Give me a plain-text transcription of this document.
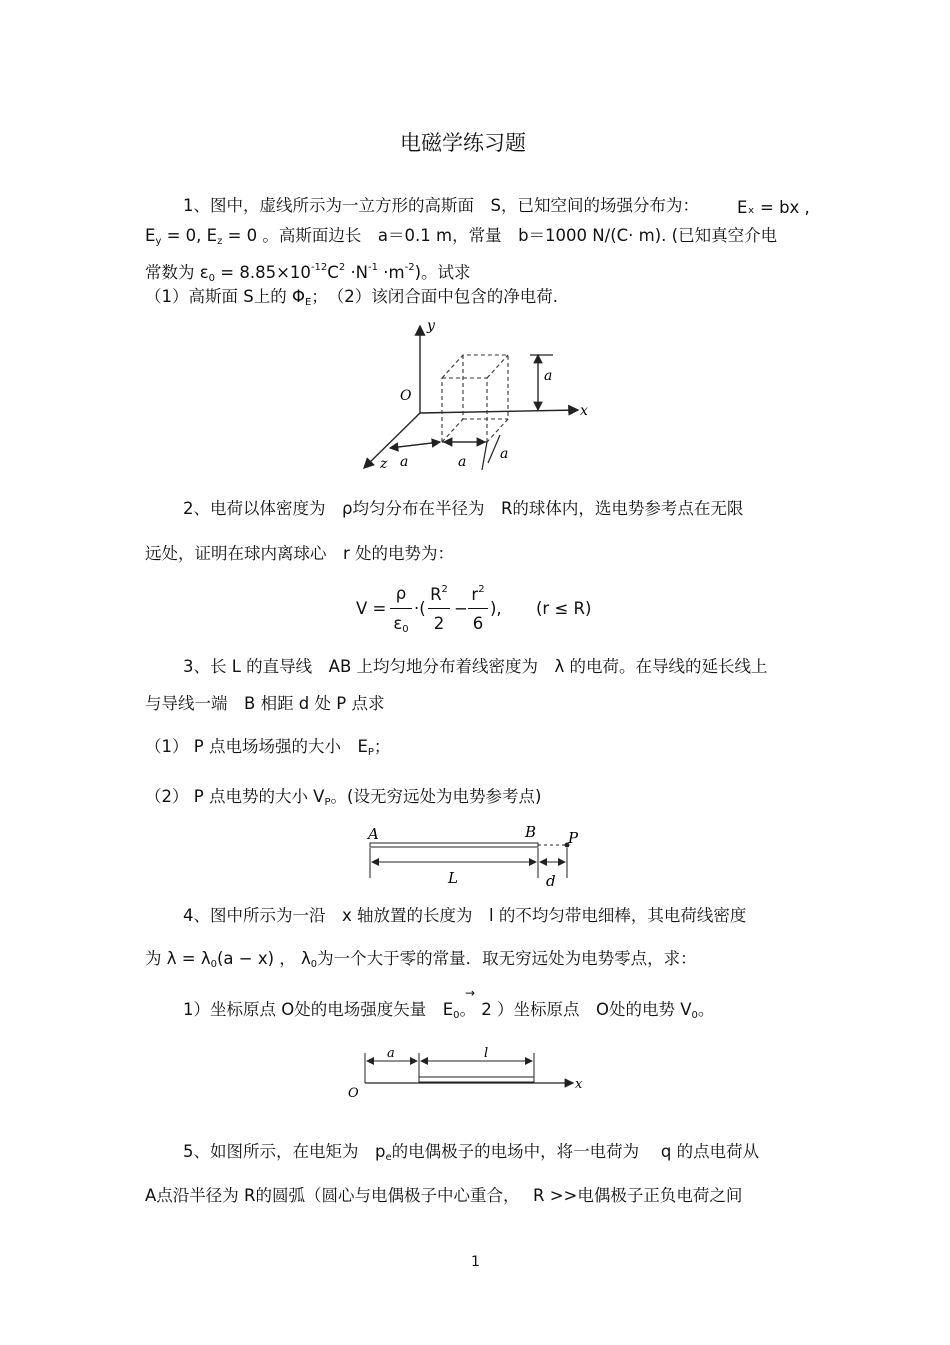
电磁学练习题
1、图中，虚线所示为一立方形的高斯面　S，已知空间的场强分布为： Eₓ = bx ,
$E_y = 0$, $E_z = 0$ 。高斯面边长　a＝0.1 m，常量　b＝1000 N/(C· m). (已知真空介电
常数为 $\varepsilon_0 = 8.85\times 10^{-12}C^2 \cdot N^{-1} \cdot m^{-2}$)。试求
（1）高斯面 S上的 $\Phi_E$；　（2）该闭合面中包含的净电荷.
y
x
z
O
a
a	a a
2、电荷以体密度为　ρ均匀分布在半径为　R的球体内，选电势参考点在无限
远处，证明在球内离球心　r 处的电势为：
V =
ρ
$\varepsilon_0$
·(
$R^2$
2
−
$r^2$
6
), (r ≤ R)
3、长 L 的直导线　AB 上均匀地分布着线密度为　λ 的电荷。在导线的延长线上
与导线一端　B 相距 d 处 P 点求
（1） P 点电场场强的大小　$E_P$；
（2） P 点电势的大小 $V_P$。(设无穷远处为电势参考点)
A	B P
L	d
4、图中所示为一沿　x 轴放置的长度为　l 的不均匀带电细棒，其电荷线密度
为 $\lambda = \lambda_0(a - x)$ ， $\lambda_0$为一个大于零的常量．取无穷远处为电势零点，求：
1）坐标原点 O处的电场强度矢量　$E_0$。 2 ）坐标原点　O处的电势 $V_0$。
→
a	l
O
x
5、如图所示，在电矩为　$p_e$的电偶极子的电场中，将一电荷为　 q 的点电荷从
A点沿半径为 R的圆弧（圆心与电偶极子中心重合，　 R >>电偶极子正负电荷之间
1
